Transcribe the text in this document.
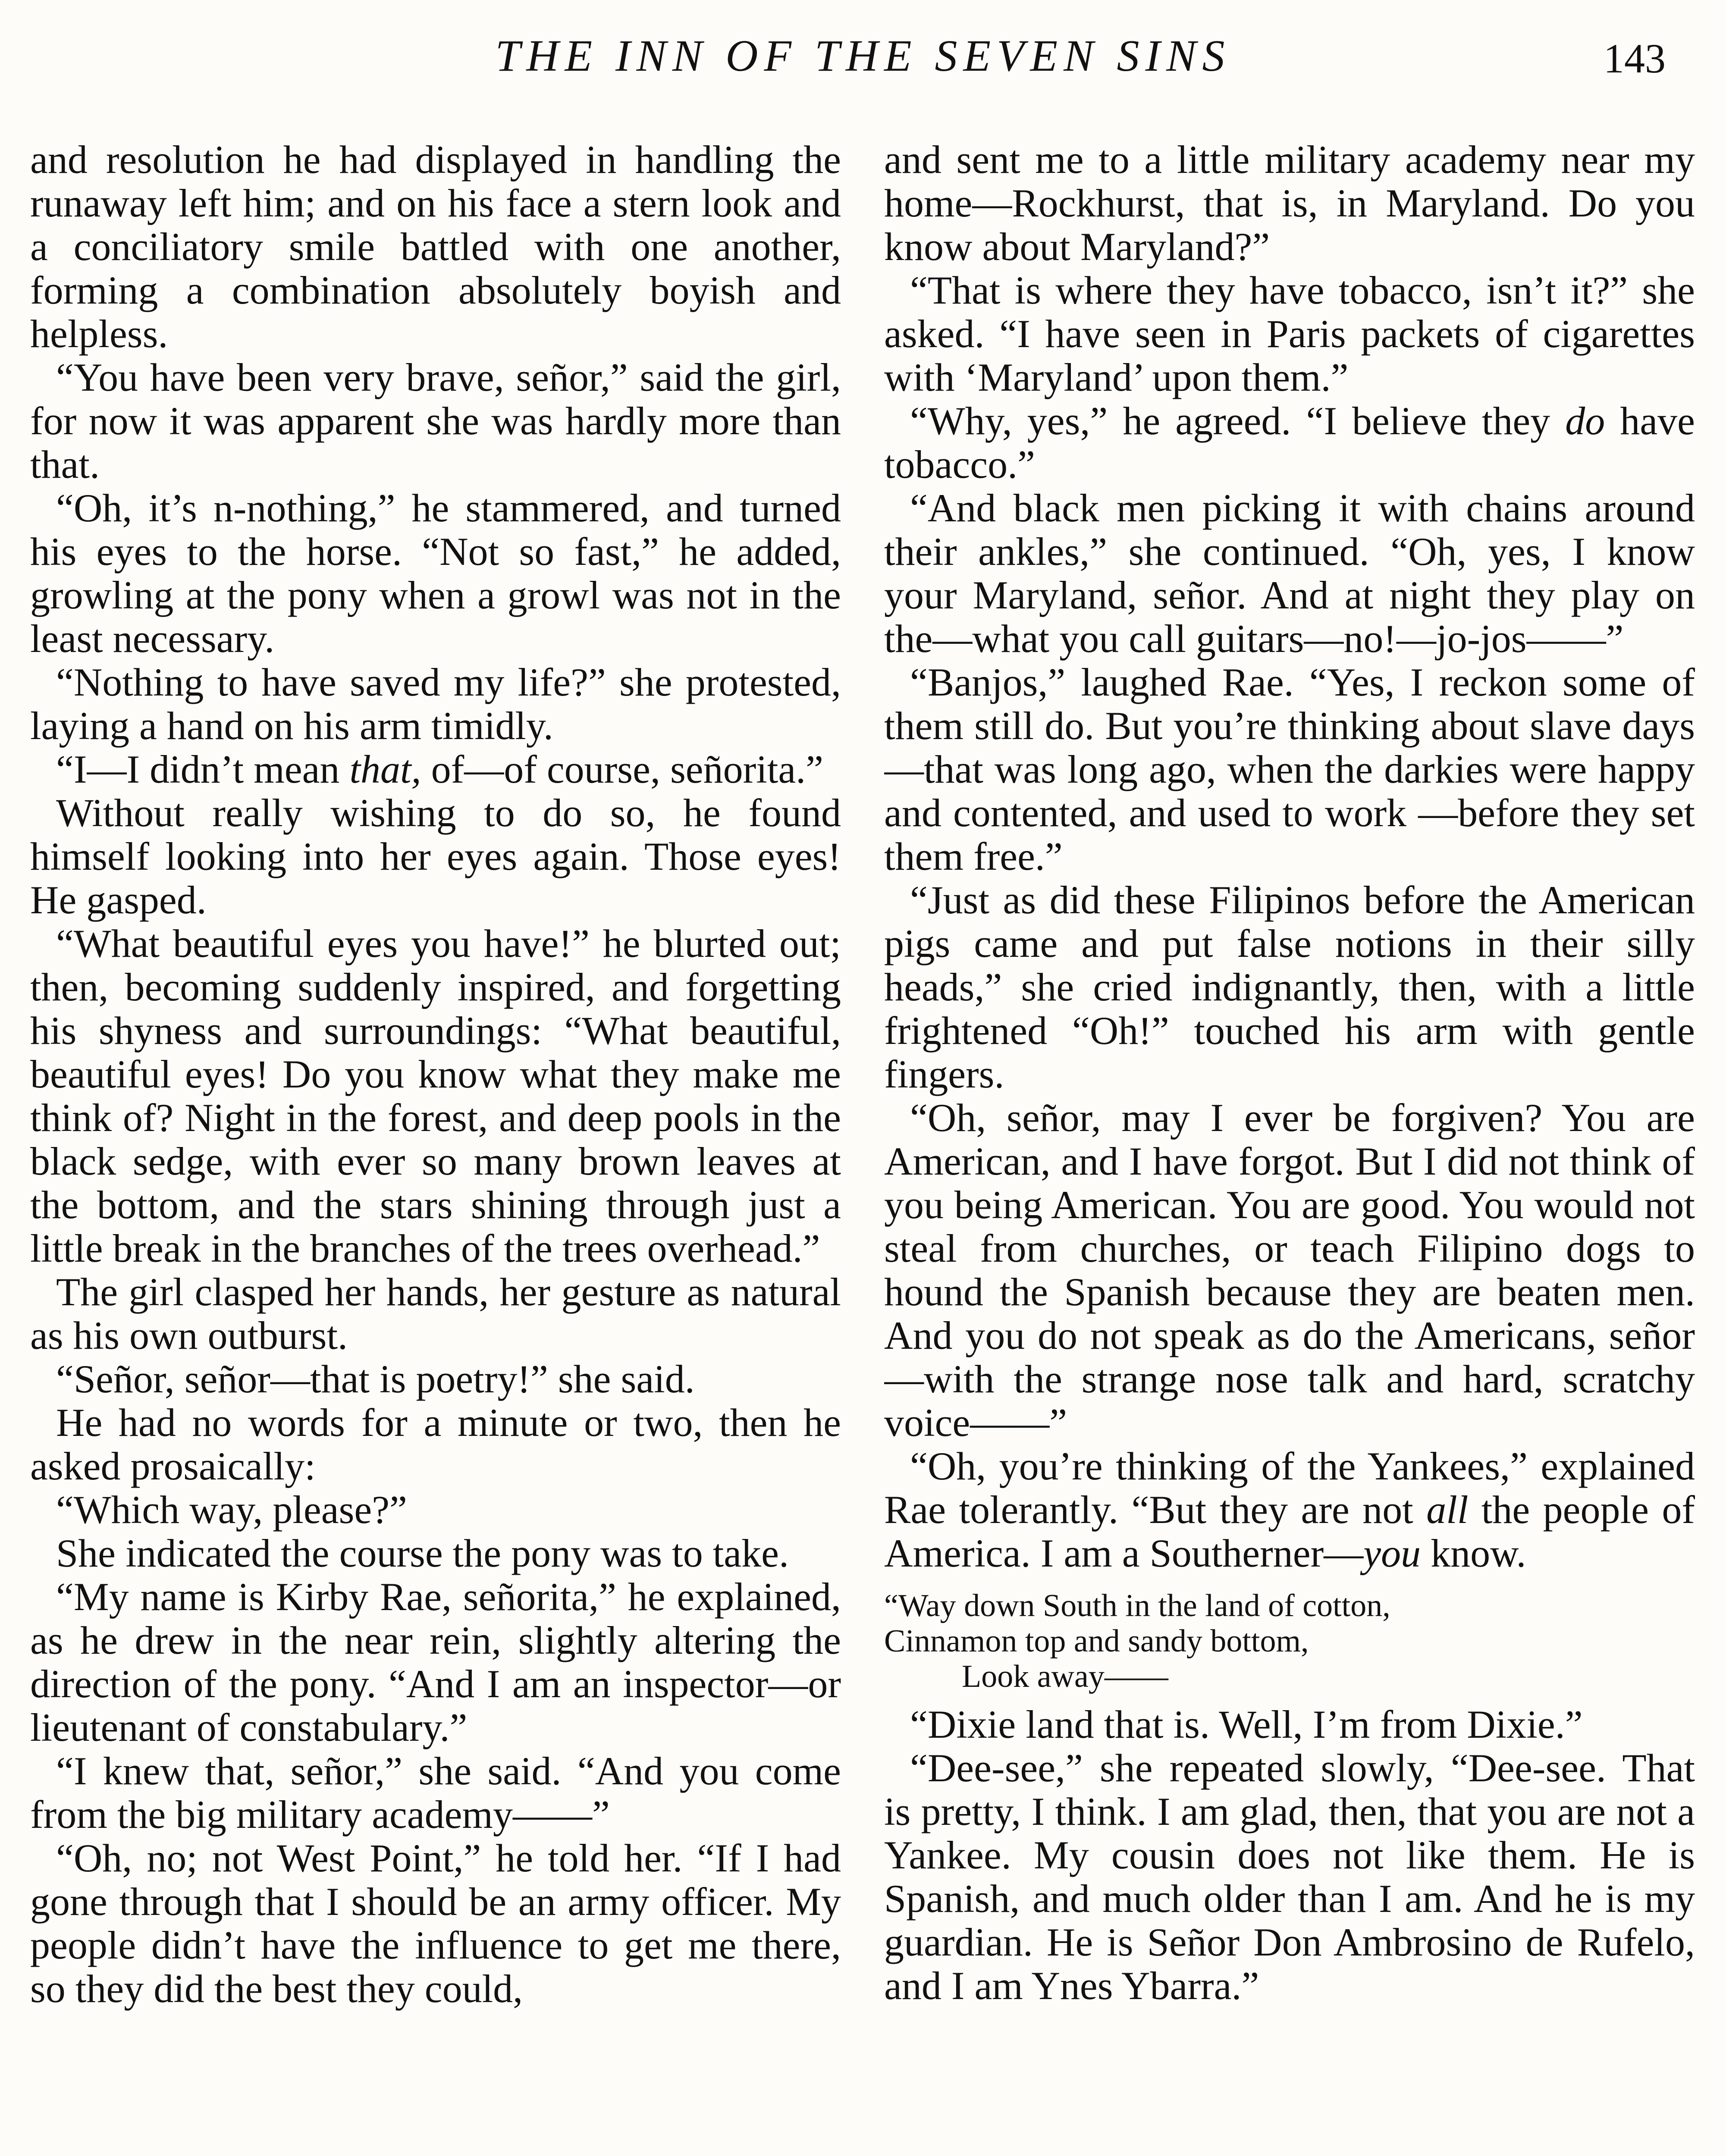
THE INN OF THE SEVEN SINS	143

and resolution he had displayed in handling the runaway left him; and on his face a stern look and a conciliatory smile battled with one another, forming a combination absolutely boyish and helpless.

“You have been very brave, señor,” said the girl, for now it was apparent she was hardly more than that.

“Oh, it’s n-nothing,” he stammered, and turned his eyes to the horse. “Not so fast,” he added, growling at the pony when a growl was not in the least necessary.

“Nothing to have saved my life?” she protested, laying a hand on his arm timidly.

“I—I didn’t mean that, of—of course, señorita.”

Without really wishing to do so, he found himself looking into her eyes again. Those eyes! He gasped.

“What beautiful eyes you have!” he blurted out; then, becoming suddenly inspired, and forgetting his shyness and surroundings: “What beautiful, beautiful eyes! Do you know what they make me think of? Night in the forest, and deep pools in the black sedge, with ever so many brown leaves at the bottom, and the stars shining through just a little break in the branches of the trees overhead.”

The girl clasped her hands, her gesture as natural as his own outburst.

“Señor, señor—that is poetry!” she said.

He had no words for a minute or two, then he asked prosaically:

“Which way, please?”

She indicated the course the pony was to take.

“My name is Kirby Rae, señorita,” he explained, as he drew in the near rein, slightly altering the direction of the pony. “And I am an inspector—or lieutenant of constabulary.”

“I knew that, señor,” she said. “And you come from the big military academy——”

“Oh, no; not West Point,” he told her. “If I had gone through that I should be an army officer. My people didn’t have the influence to get me there, so they did the best they could,

and sent me to a little military academy near my home—Rockhurst, that is, in Maryland. Do you know about Maryland?”

“That is where they have tobacco, isn’t it?” she asked. “I have seen in Paris packets of cigarettes with ‘Maryland’ upon them.”

“Why, yes,” he agreed. “I believe they do have tobacco.”

“And black men picking it with chains around their ankles,” she continued. “Oh, yes, I know your Maryland, señor. And at night they play on the—what you call guitars—no!—jo-jos——”

“Banjos,” laughed Rae. “Yes, I reckon some of them still do. But you’re thinking about slave days—that was long ago, when the darkies were happy and contented, and used to work —before they set them free.”

“Just as did these Filipinos before the American pigs came and put false notions in their silly heads,” she cried indignantly, then, with a little frightened “Oh!” touched his arm with gentle fingers.

“Oh, señor, may I ever be forgiven? You are American, and I have forgot. But I did not think of you being American. You are good. You would not steal from churches, or teach Filipino dogs to hound the Spanish because they are beaten men. And you do not speak as do the Americans, señor—with the strange nose talk and hard, scratchy voice——”

“Oh, you’re thinking of the Yankees,” explained Rae tolerantly. “But they are not all the people of America. I am a Southerner—you know.

“Way down South in the land of cotton,
Cinnamon top and sandy bottom,
Look away——

“Dixie land that is. Well, I’m from Dixie.”

“Dee-see,” she repeated slowly, “Dee-see. That is pretty, I think. I am glad, then, that you are not a Yankee. My cousin does not like them. He is Spanish, and much older than I am. And he is my guardian. He is Señor Don Ambrosino de Rufelo, and I am Ynes Ybarra.”
